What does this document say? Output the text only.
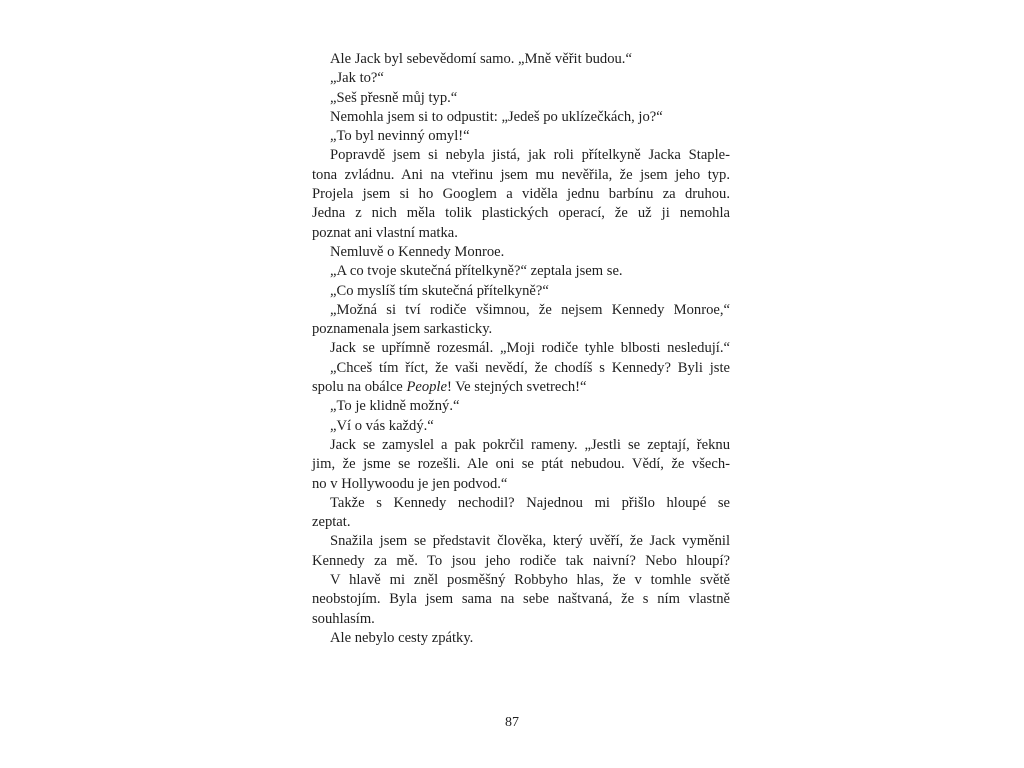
Ale Jack byl sebevědomí samo. „Mně věřit budou.“
„Jak to?“
„Seš přesně můj typ.“
Nemohla jsem si to odpustit: „Jedeš po uklízečkách, jo?“
„To byl nevinný omyl!“
Popravdě jsem si nebyla jistá, jak roli přítelkyně Jacka Staple-
tona zvládnu. Ani na vteřinu jsem mu nevěřila, že jsem jeho typ.
Projela jsem si ho Googlem a viděla jednu barbínu za druhou.
Jedna z nich měla tolik plastických operací, že už ji nemohla
poznat ani vlastní matka.
Nemluvě o Kennedy Monroe.
„A co tvoje skutečná přítelkyně?“ zeptala jsem se.
„Co myslíš tím skutečná přítelkyně?“
„Možná si tví rodiče všimnou, že nejsem Kennedy Monroe,“
poznamenala jsem sarkasticky.
Jack se upřímně rozesmál. „Moji rodiče tyhle blbosti nesledují.“
„Chceš tím říct, že vaši nevědí, že chodíš s Kennedy? Byli jste
spolu na obálce People! Ve stejných svetrech!“
„To je klidně možný.“
„Ví o vás každý.“
Jack se zamyslel a pak pokrčil rameny. „Jestli se zeptají, řeknu
jim, že jsme se rozešli. Ale oni se ptát nebudou. Vědí, že všech-
no v Hollywoodu je jen podvod.“
Takže s Kennedy nechodil? Najednou mi přišlo hloupé se
zeptat.
Snažila jsem se představit člověka, který uvěří, že Jack vyměnil
Kennedy za mě. To jsou jeho rodiče tak naivní? Nebo hloupí?
V hlavě mi zněl posměšný Robbyho hlas, že v tomhle světě
neobstojím. Byla jsem sama na sebe naštvaná, že s ním vlastně
souhlasím.
Ale nebylo cesty zpátky.
87
